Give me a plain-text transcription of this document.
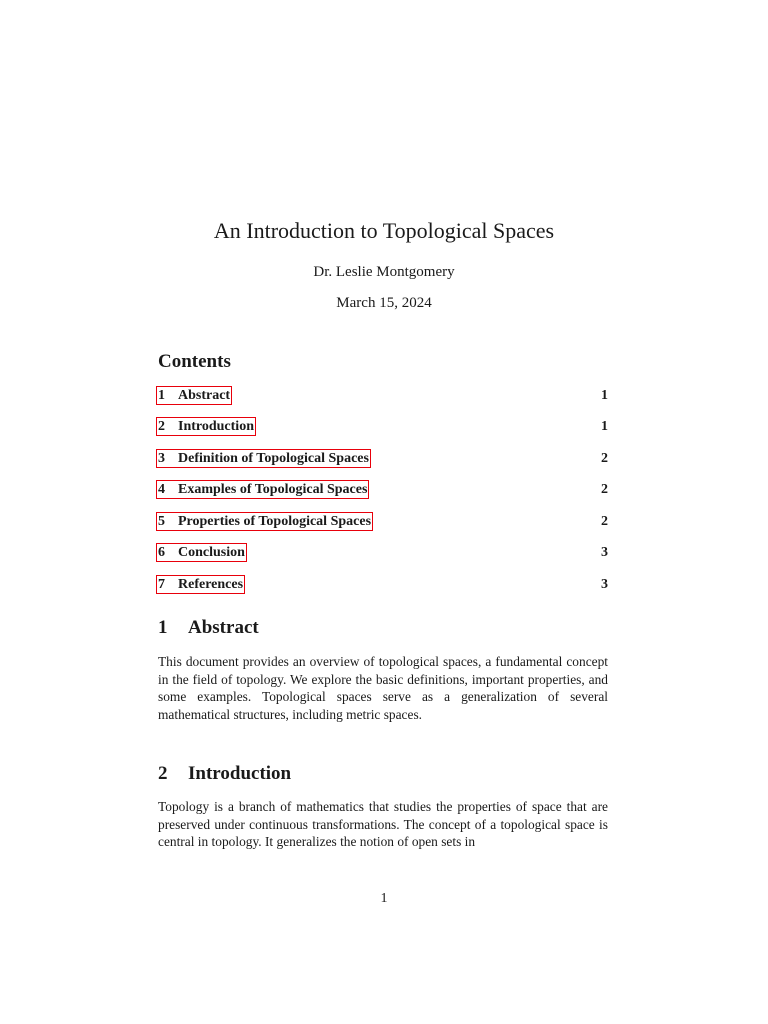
An Introduction to Topological Spaces
Dr. Leslie Montgomery
March 15, 2024
Contents
1 Abstract	1
2 Introduction	1
3 Definition of Topological Spaces	2
4 Examples of Topological Spaces	2
5 Properties of Topological Spaces	2
6 Conclusion	3
7 References	3
1 Abstract

This document provides an overview of topological spaces, a fundamental concept in the field of topology. We explore the basic definitions, important properties, and some examples. Topological spaces serve as a generalization of several mathematical structures, including metric spaces.

2 Introduction

Topology is a branch of mathematics that studies the properties of space that are preserved under continuous transformations. The concept of a topological space is central in topology. It generalizes the notion of open sets in

1
